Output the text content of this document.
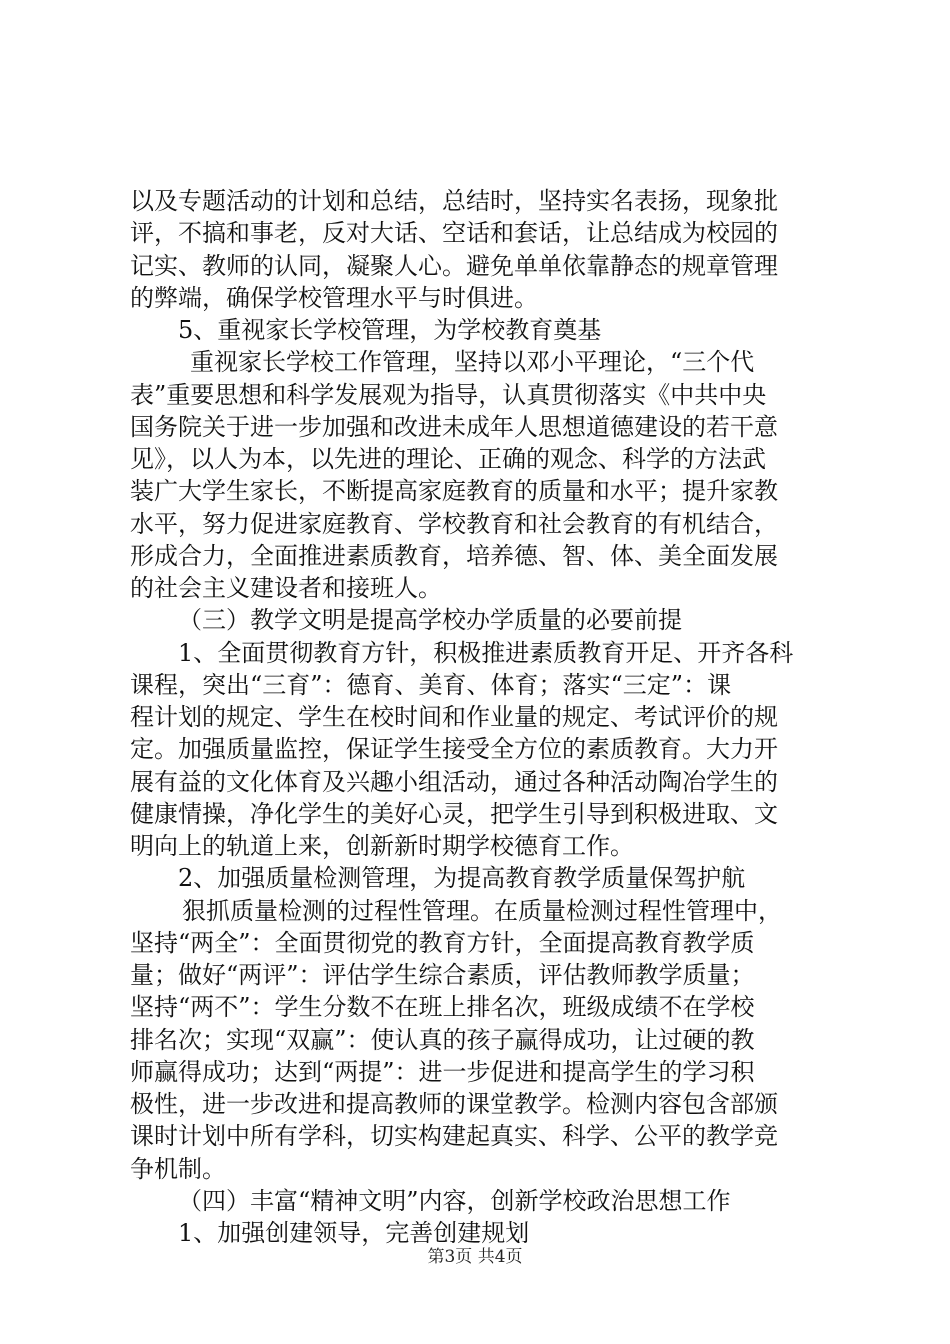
以及专题活动的计划和总结，总结时，坚持实名表扬，现象批
评，不搞和事老，反对大话、空话和套话，让总结成为校园的
记实、教师的认同，凝聚人心。避免单单依靠静态的规章管理
的弊端，确保学校管理水平与时俱进。
5、重视家长学校管理，为学校教育奠基
重视家长学校工作管理，坚持以邓小平理论，“三个代
表”重要思想和科学发展观为指导，认真贯彻落实《中共中央
国务院关于进一步加强和改进未成年人思想道德建设的若干意
见》，以人为本，以先进的理论、正确的观念、科学的方法武
装广大学生家长，不断提高家庭教育的质量和水平；提升家教
水平，努力促进家庭教育、学校教育和社会教育的有机结合，
形成合力，全面推进素质教育，培养德、智、体、美全面发展
的社会主义建设者和接班人。
（三）教学文明是提高学校办学质量的必要前提
1、全面贯彻教育方针，积极推进素质教育开足、开齐各科
课程，突出“三育”：德育、美育、体育；落实“三定”：课
程计划的规定、学生在校时间和作业量的规定、考试评价的规
定。加强质量监控，保证学生接受全方位的素质教育。大力开
展有益的文化体育及兴趣小组活动，通过各种活动陶冶学生的
健康情操，净化学生的美好心灵，把学生引导到积极进取、文
明向上的轨道上来，创新新时期学校德育工作。
2、加强质量检测管理，为提高教育教学质量保驾护航
狠抓质量检测的过程性管理。在质量检测过程性管理中，
坚持“两全”：全面贯彻党的教育方针，全面提高教育教学质
量；做好“两评”：评估学生综合素质，评估教师教学质量；
坚持“两不”：学生分数不在班上排名次，班级成绩不在学校
排名次；实现“双赢”：使认真的孩子赢得成功，让过硬的教
师赢得成功；达到“两提”：进一步促进和提高学生的学习积
极性，进一步改进和提高教师的课堂教学。检测内容包含部颁
课时计划中所有学科，切实构建起真实、科学、公平的教学竞
争机制。
（四）丰富“精神文明”内容，创新学校政治思想工作
1、加强创建领导，完善创建规划
第3页 共4页
